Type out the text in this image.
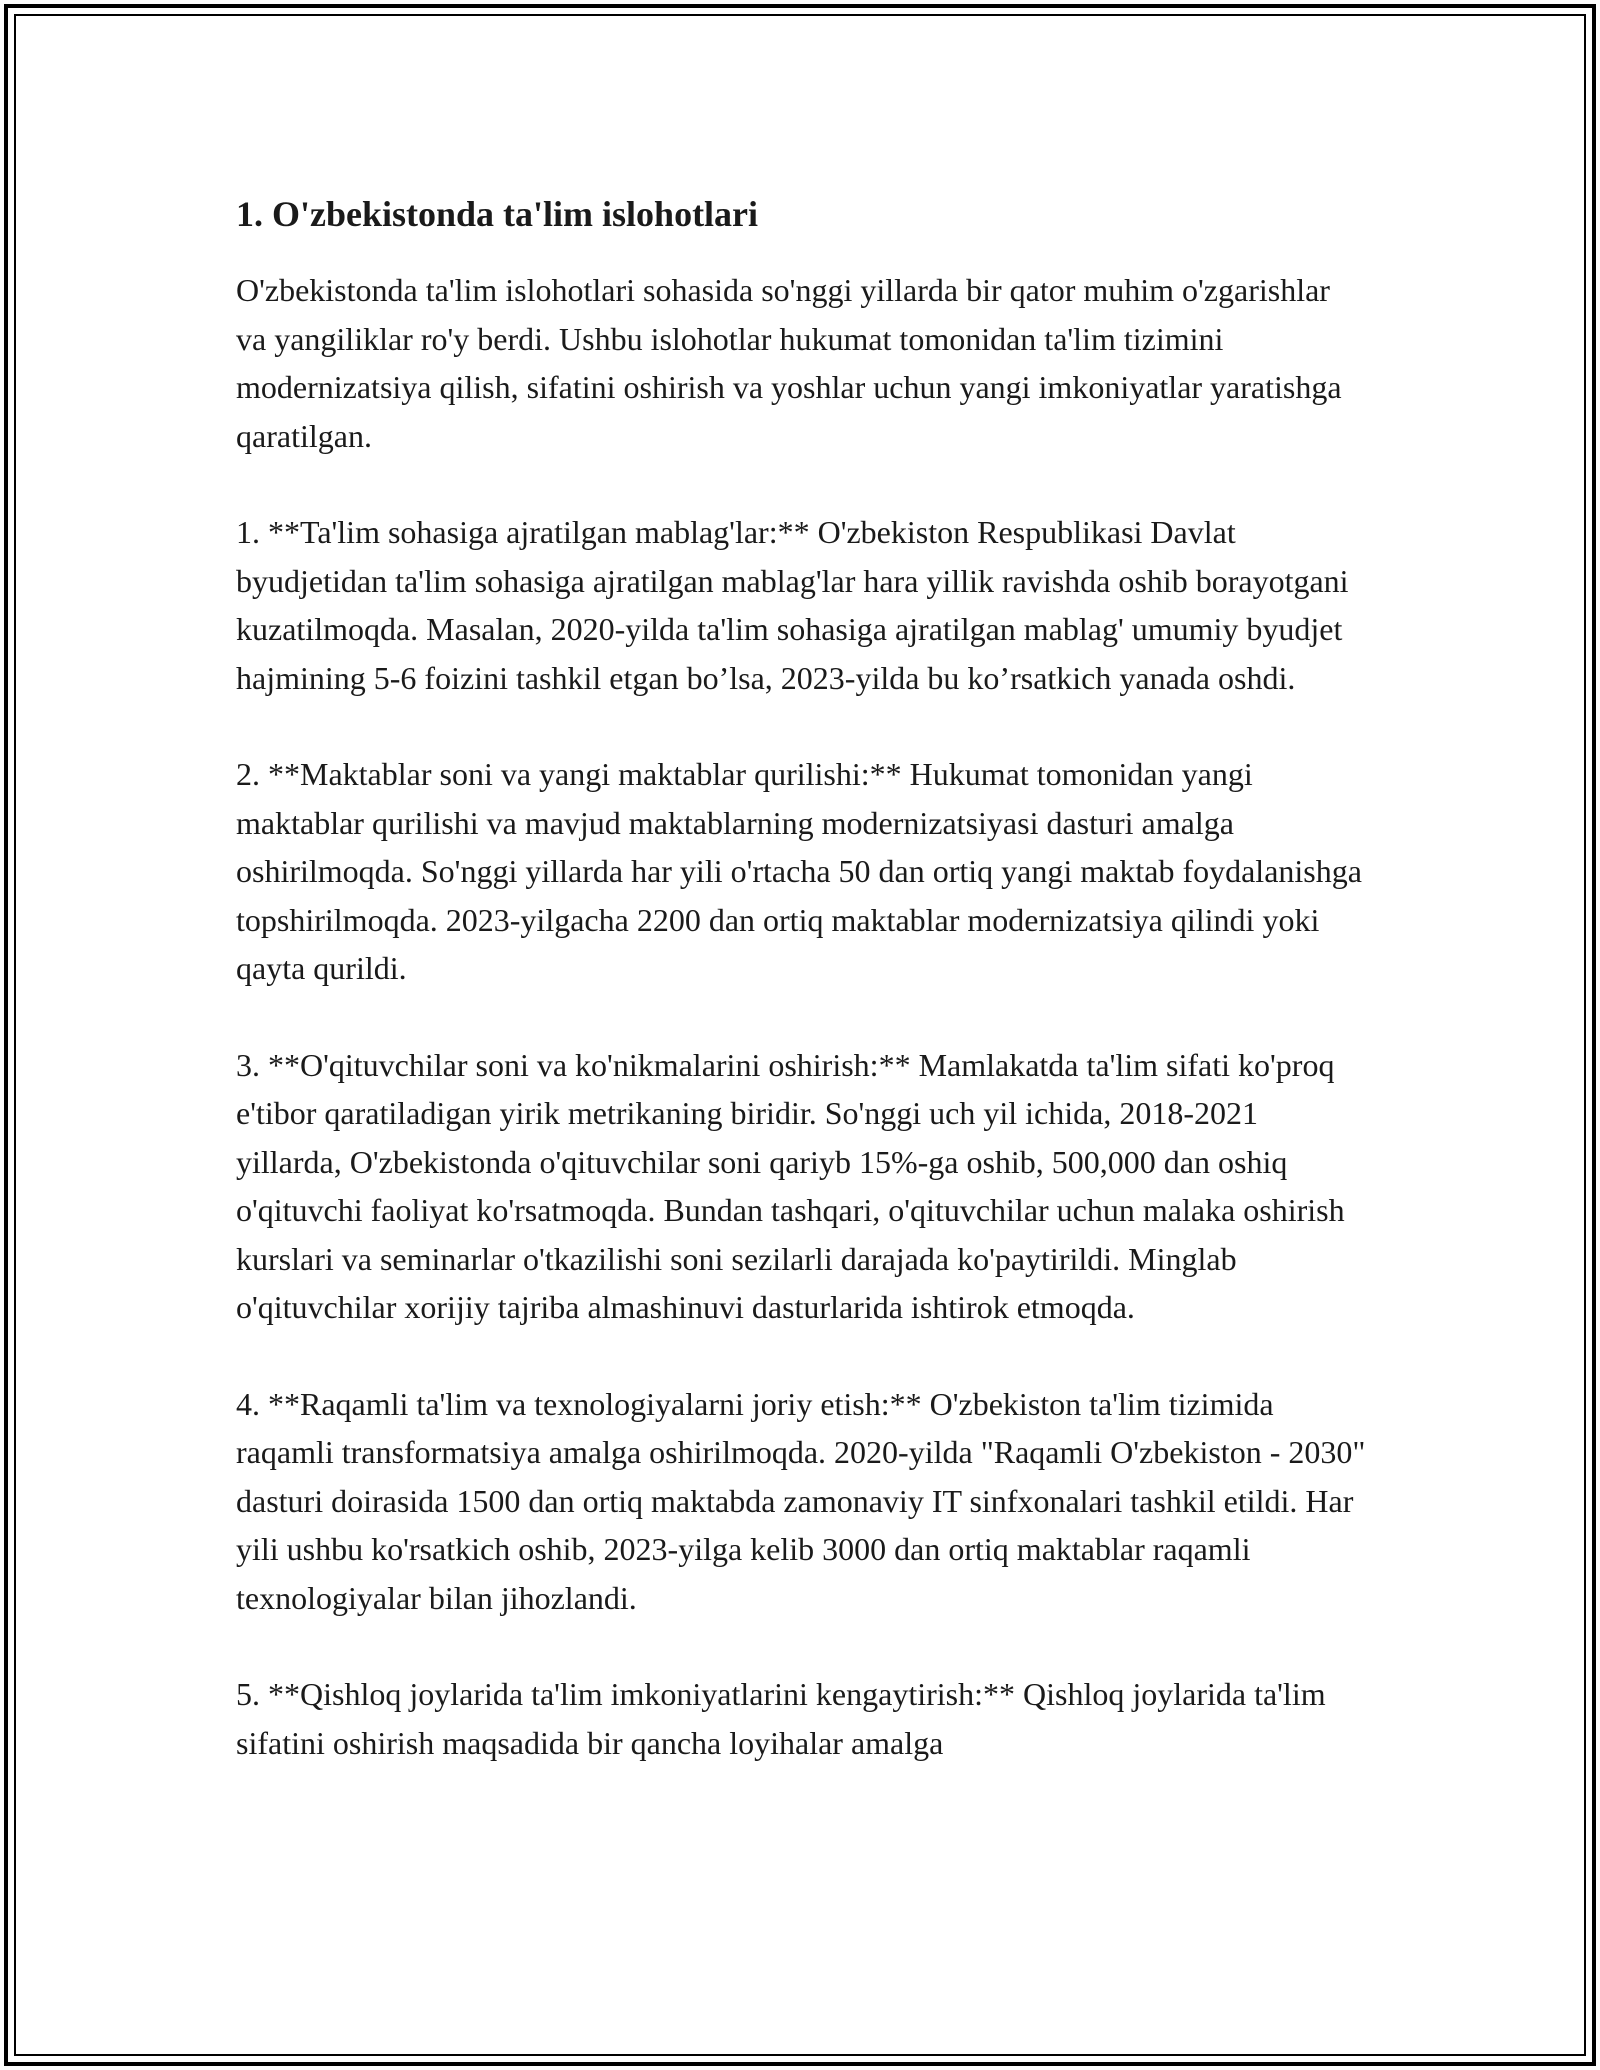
1. O'zbekistonda ta'lim islohotlari

O'zbekistonda ta'lim islohotlari sohasida so'nggi yillarda bir qator muhim o'zgarishlar va yangiliklar ro'y berdi. Ushbu islohotlar hukumat tomonidan ta'lim tizimini modernizatsiya qilish, sifatini oshirish va yoshlar uchun yangi imkoniyatlar yaratishga qaratilgan.

1. **Ta'lim sohasiga ajratilgan mablag'lar:** O'zbekiston Respublikasi Davlat byudjetidan ta'lim sohasiga ajratilgan mablag'lar hara yillik ravishda oshib borayotgani kuzatilmoqda. Masalan, 2020-yilda ta'lim sohasiga ajratilgan mablag' umumiy byudjet hajmining 5-6 foizini tashkil etgan bo’lsa, 2023-yilda bu ko’rsatkich yanada oshdi.

2. **Maktablar soni va yangi maktablar qurilishi:** Hukumat tomonidan yangi maktablar qurilishi va mavjud maktablarning modernizatsiyasi dasturi amalga oshirilmoqda. So'nggi yillarda har yili o'rtacha 50 dan ortiq yangi maktab foydalanishga topshirilmoqda. 2023-yilgacha 2200 dan ortiq maktablar modernizatsiya qilindi yoki qayta qurildi.

3. **O'qituvchilar soni va ko'nikmalarini oshirish:** Mamlakatda ta'lim sifati ko'proq e'tibor qaratiladigan yirik metrikaning biridir. So'nggi uch yil ichida, 2018-2021 yillarda, O'zbekistonda o'qituvchilar soni qariyb 15%-ga oshib, 500,000 dan oshiq o'qituvchi faoliyat ko'rsatmoqda. Bundan tashqari, o'qituvchilar uchun malaka oshirish kurslari va seminarlar o'tkazilishi soni sezilarli darajada ko'paytirildi. Minglab o'qituvchilar xorijiy tajriba almashinuvi dasturlarida ishtirok etmoqda.

4. **Raqamli ta'lim va texnologiyalarni joriy etish:** O'zbekiston ta'lim tizimida raqamli transformatsiya amalga oshirilmoqda. 2020-yilda "Raqamli O'zbekiston - 2030" dasturi doirasida 1500 dan ortiq maktabda zamonaviy IT sinfxonalari tashkil etildi. Har yili ushbu ko'rsatkich oshib, 2023-yilga kelib 3000 dan ortiq maktablar raqamli texnologiyalar bilan jihozlandi.

5. **Qishloq joylarida ta'lim imkoniyatlarini kengaytirish:** Qishloq joylarida ta'lim sifatini oshirish maqsadida bir qancha loyihalar amalga
